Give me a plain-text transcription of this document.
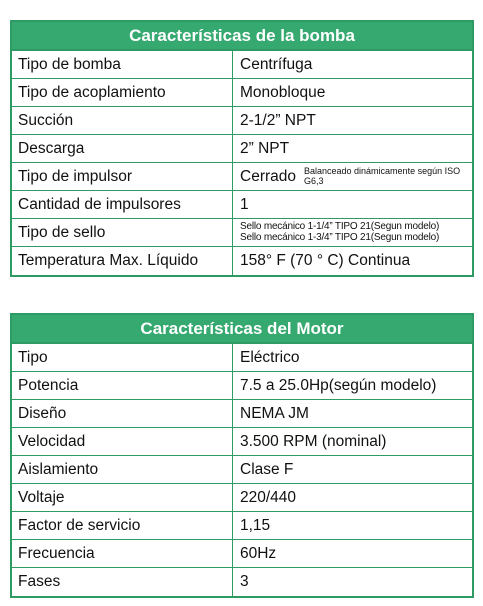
Características de la bomba
Tipo de bomba	Centrífuga
Tipo de acoplamiento	Monobloque
Succión	2-1/2” NPT
Descarga	2” NPT
Tipo de impulsor	Cerrado Balanceado dinámicamente según ISO G6,3
Cantidad de impulsores	1
Tipo de sello	Sello mecánico 1-1/4” TIPO 21(Segun modelo)
Sello mecánico 1-3/4” TIPO 21(Segun modelo)
Temperatura Max. Líquido	158° F (70 ° C) Continua
Características del Motor
Tipo	Eléctrico
Potencia	7.5 a 25.0Hp(según modelo)
Diseño	NEMA JM
Velocidad	3.500 RPM (nominal)
Aislamiento	Clase F
Voltaje	220/440
Factor de servicio	1,15
Frecuencia	60Hz
Fases	3
